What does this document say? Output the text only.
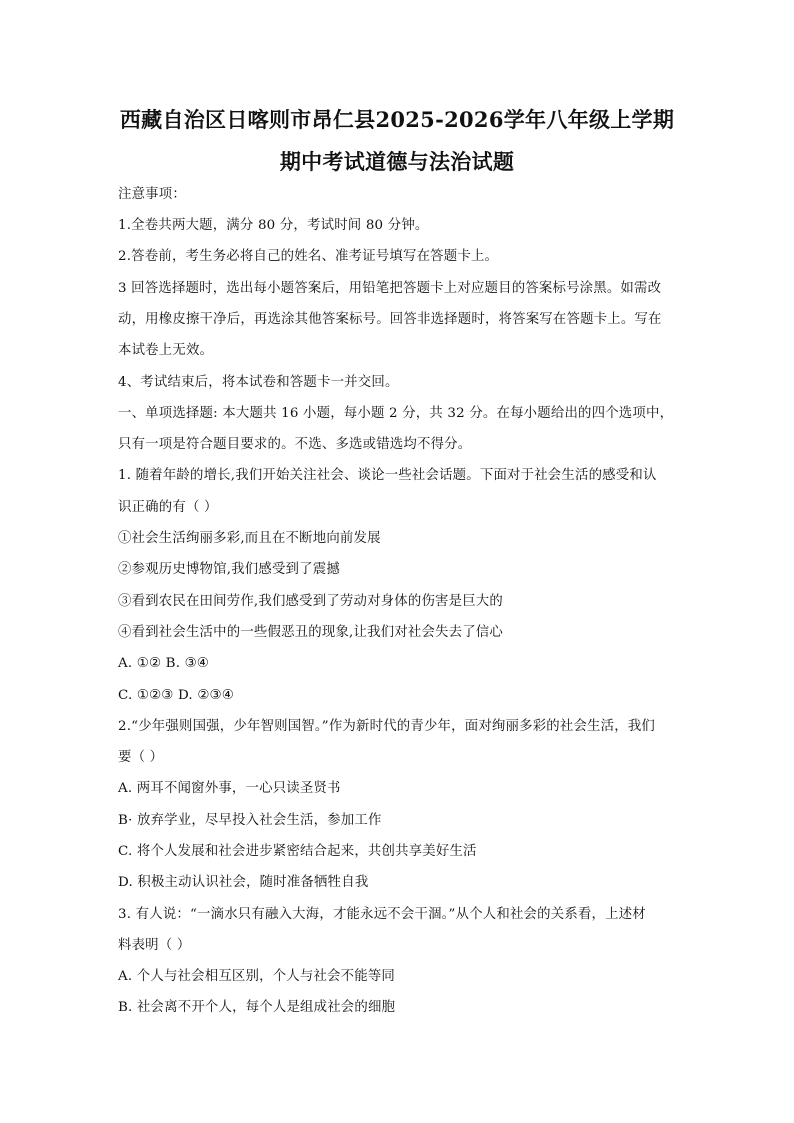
西藏自治区日喀则市昂仁县2025-2026学年八年级上学期
期中考试道德与法治试题
注意事项：
1.全卷共两大题，满分 80 分，考试时间 80 分钟。
2.答卷前，考生务必将自己的姓名、准考证号填写在答题卡上。
3 回答选择题时，选出每小题答案后，用铅笔把答题卡上对应题目的答案标号涂黑。如需改
动，用橡皮擦干净后，再选涂其他答案标号。回答非选择题时，将答案写在答题卡上。写在
本试卷上无效。
4、考试结束后，将本试卷和答题卡一并交回。
一、单项选择题: 本大题共 16 小题，每小题 2 分，共 32 分。在每小题给出的四个选项中，
只有一项是符合题目要求的。不选、多选或错选均不得分。
1. 随着年龄的增长,我们开始关注社会、谈论一些社会话题。下面对于社会生活的感受和认
识正确的有（ ）
①社会生活绚丽多彩,而且在不断地向前发展
②参观历史博物馆,我们感受到了震撼
③看到农民在田间劳作,我们感受到了劳动对身体的伤害是巨大的
④看到社会生活中的一些假恶丑的现象,让我们对社会失去了信心
A. ①② B. ③④
C. ①②③ D. ②③④
2.“少年强则国强，少年智则国智。”作为新时代的青少年，面对绚丽多彩的社会生活，我们
要（ ）
A. 两耳不闻窗外事，一心只读圣贤书
B· 放弃学业，尽早投入社会生活，参加工作
C. 将个人发展和社会进步紧密结合起来，共创共享美好生活
D. 积极主动认识社会，随时准备牺牲自我
3. 有人说：“一滴水只有融入大海，才能永远不会干涸。”从个人和社会的关系看，上述材
料表明（ ）
A. 个人与社会相互区别，个人与社会不能等同
B. 社会离不开个人，每个人是组成社会的细胞
